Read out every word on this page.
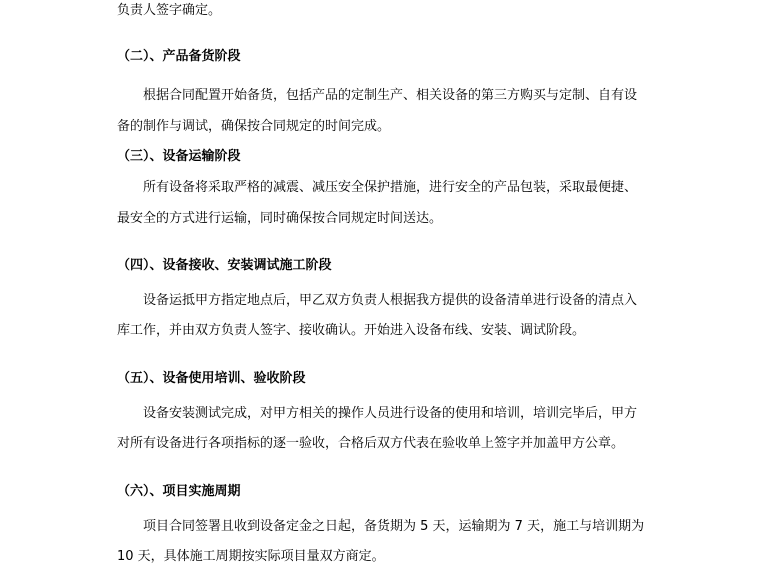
负责人签字确定。
（二）、产品备货阶段
根据合同配置开始备货，包括产品的定制生产、相关设备的第三方购买与定制、自有设
备的制作与调试，确保按合同规定的时间完成。
（三）、设备运输阶段
所有设备将采取严格的减震、减压安全保护措施，进行安全的产品包装，采取最便捷、
最安全的方式进行运输，同时确保按合同规定时间送达。
（四）、设备接收、安装调试施工阶段
设备运抵甲方指定地点后，甲乙双方负责人根据我方提供的设备清单进行设备的清点入
库工作，并由双方负责人签字、接收确认。开始进入设备布线、安装、调试阶段。
（五）、设备使用培训、验收阶段
设备安装测试完成，对甲方相关的操作人员进行设备的使用和培训，培训完毕后，甲方
对所有设备进行各项指标的逐一验收，合格后双方代表在验收单上签字并加盖甲方公章。
（六）、项目实施周期
项目合同签署且收到设备定金之日起，备货期为 5 天，运输期为 7 天，施工与培训期为
10 天，具体施工周期按实际项目量双方商定。
